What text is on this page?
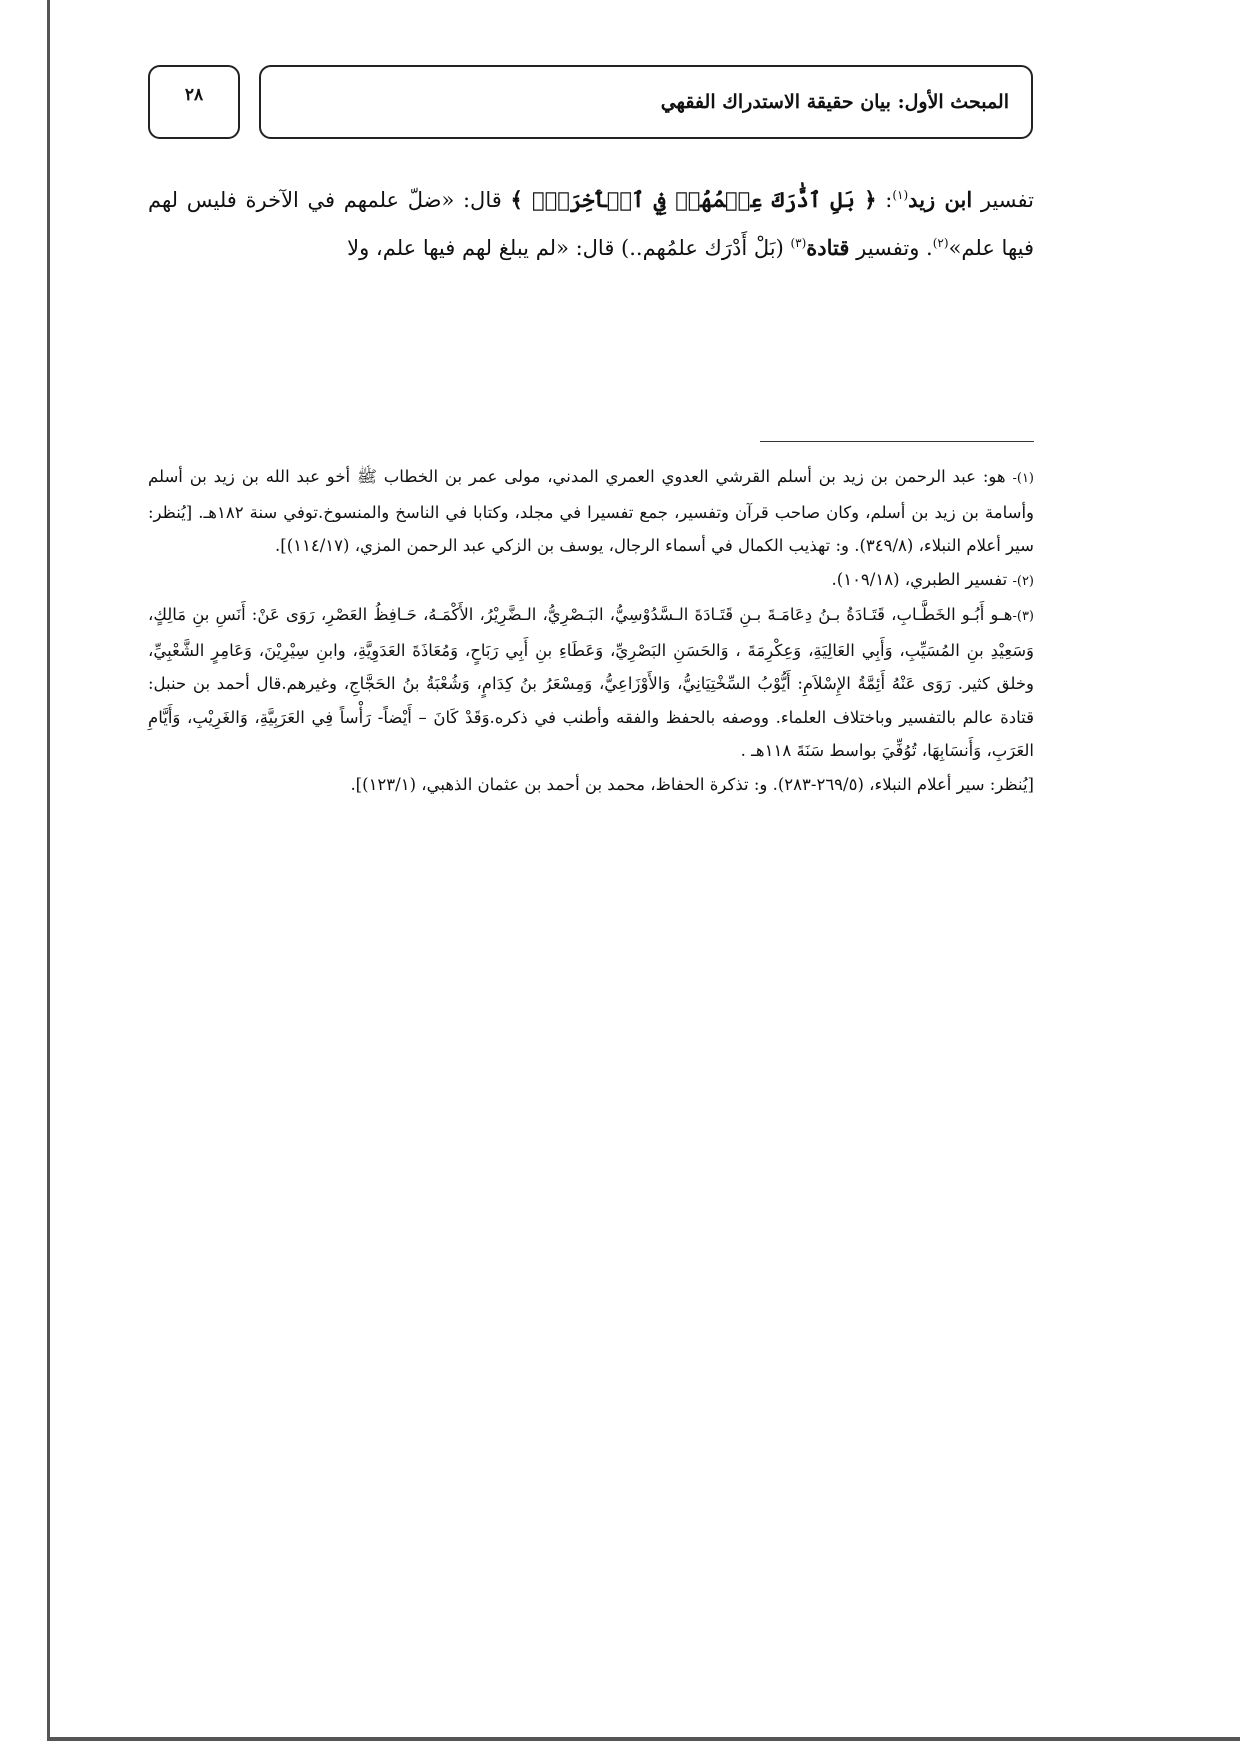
٢٨	المبحث الأول: بيان حقيقة الاستدراك الفقهي
تفسير ابن زيد$^{(١)}$: ﴿ بَلِ ٱدَّٰرَكَ عِلۡمُهُمۡ فِي ٱلۡأٓخِرَةِۚ ﴾ قال: «ضلّ علمهم في الآخرة فليس لهم فيها علم»$^{(٢)}$. وتفسير قتادة$^{(٣)}$ (بَلْ أَدْرَك علمُهم..) قال: «لم يبلغ لهم فيها علم، ولا

(١)- هو: عبد الرحمن بن زيد بن أسلم القرشي العدوي العمري المدني، مولى عمر بن الخطاب ﷺ أخو عبد الله بن زيد بن أسلم وأسامة بن زيد بن أسلم، وكان صاحب قرآن وتفسير، جمع تفسيرا في مجلد، وكتابا في الناسخ والمنسوخ.توفي سنة ١٨٢هـ. [يُنظر: سير أعلام النبلاء، (٣٤٩/٨). و: تهذيب الكمال في أسماء الرجال، يوسف بن الزكي عبد الرحمن المزي، (١١٤/١٧)].

(٢)- تفسير الطبري، (١٠٩/١٨).

(٣)-هـو أَبُـو الخَطَّـابِ، قَتَـادَةُ بـنُ دِعَامَـةَ بـنِ قَتَـادَةَ الـسَّدُوْسِيُّ، البَـصْرِيُّ، الـضَّرِيْرُ، الأَكْمَـهُ، حَـافِظُ العَصْرِ، رَوَى عَنْ: أَنَسِ بنِ مَالِكٍ، وَسَعِيْدِ بنِ المُسَيِّبِ، وَأَبِي العَالِيَةِ، وَعِكْرِمَةَ ، وَالحَسَنِ البَصْرِيِّ، وَعَطَاءِ بنِ أَبِي رَبَاحٍ، وَمُعَاذَةَ العَدَوِيَّةِ، وابنِ سِيْرِيْنَ، وَعَامِرٍ الشَّعْبِيِّ، وخلق كثير. رَوَى عَنْهُ أَئِمَّةُ الإِسْلاَمِ: أَيُّوْبُ السِّخْتِيَانِيُّ، وَالأَوْزَاعِيُّ، وَمِسْعَرُ بنُ كِدَامٍ، وَشُعْبَةُ بنُ الحَجَّاجِ، وغيرهم.قال أحمد بن حنبل: قتادة عالم بالتفسير وباختلاف العلماء. ووصفه بالحفظ والفقه وأطنب في ذكره.وَقَدْ كَانَ – أَيْضاً- رَأْساً فِي العَرَبِيَّةِ، وَالغَرِيْبِ، وَأَيَّامِ العَرَبِ، وَأَنسَابِهَا، تُوُفِّيَ بواسط سَنَةَ ١١٨هـ .

[يُنظر: سير أعلام النبلاء، (٢٦٩/٥-٢٨٣). و: تذكرة الحفاظ، محمد بن أحمد بن عثمان الذهبي، (١٢٣/١)].
